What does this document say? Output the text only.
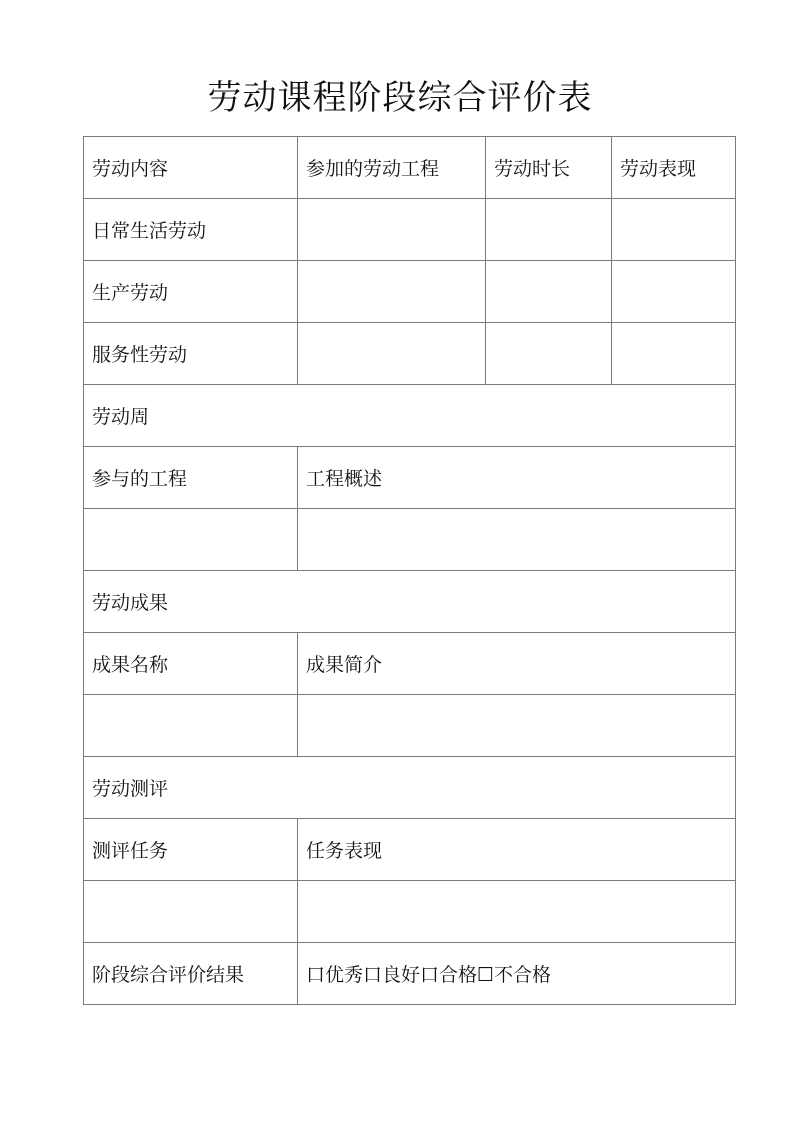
劳动课程阶段综合评价表
劳动内容	参加的劳动工程	劳动时长	劳动表现
日常生活劳动			
生产劳动			
服务性劳动			
劳动周			
参与的工程	工程概述		

劳动成果			
成果名称	成果简介		

劳动测评			
测评任务	任务表现		

阶段综合评价结果	口优秀口良好口合格☐不合格		
